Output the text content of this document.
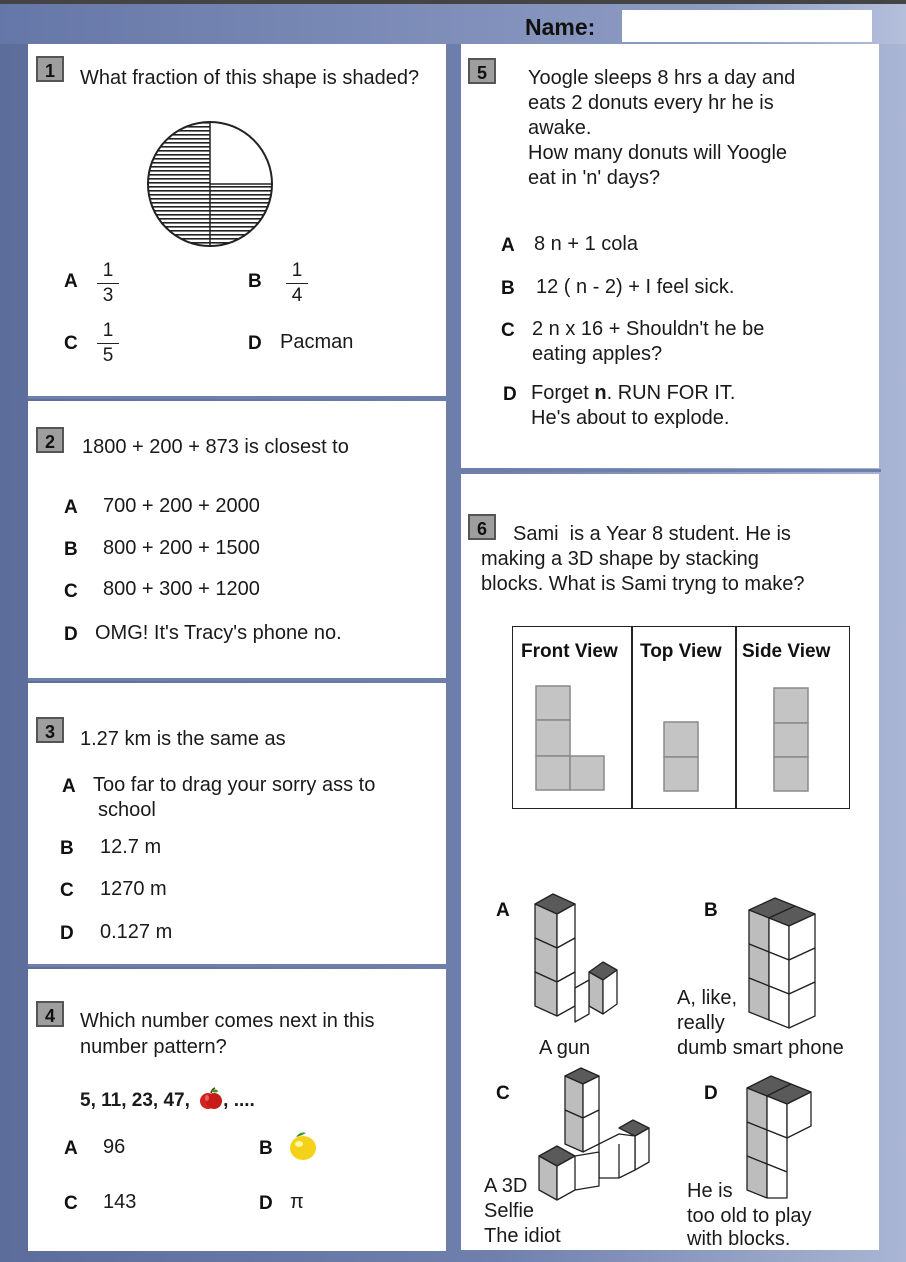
Name:
1	What fraction of this shape is shaded?
A
1
3
B
1
4
C
1
5
D Pacman
2	1800 + 200 + 873 is closest to
A 700 + 200 + 2000
B 800 + 200 + 1500
C 800 + 300 + 1200
D OMG! It's Tracy's phone no.
3	1.27 km is the same as
A Too far to drag your sorry ass to
school
B 12.7 m
C 1270 m
D 0.127 m
4	Which number comes next in this
number pattern?
5, 11, 23, 47, , ....
A 96	B
C 143	D π
5	Yoogle sleeps 8 hrs a day and
eats 2 donuts every hr he is
awake.
How many donuts will Yoogle
eat in 'n' days?
A 8 n + 1 cola
B 12 ( n - 2) + I feel sick.
C 2 n x 16 + Shouldn't he be
eating apples?
D Forget n. RUN FOR IT.
He's about to explode.
6	Sami  is a Year 8 student. He is
making a 3D shape by stacking
blocks. What is Sami tryng to make?
Front View Top View Side View
A	B
C	D
A gun
A, like,
really
dumb smart phone
A 3D
Selfie
The idiot
He is
too old to play
with blocks.
